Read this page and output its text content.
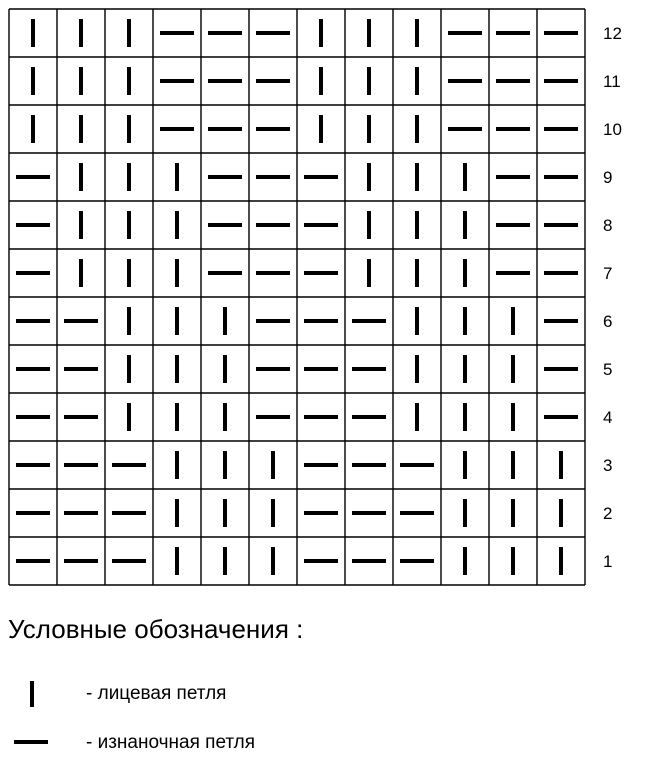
12
11
10
9
8
7
6
5
4
3
2
1
Условные обозначения :
- лицевая петля
- изнаночная петля
